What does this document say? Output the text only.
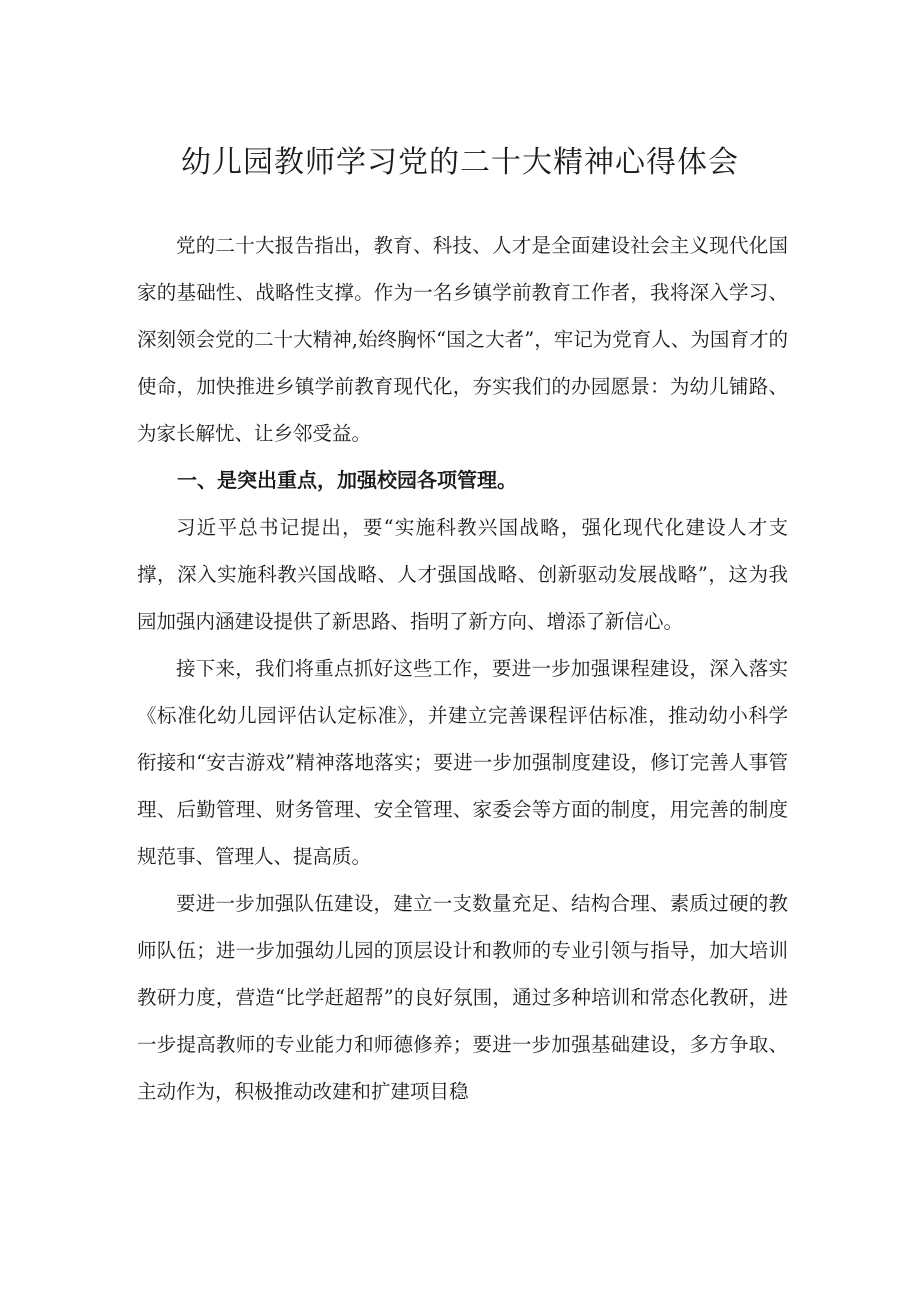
幼儿园教师学习党的二十大精神心得体会

党的二十大报告指出，教育、科技、人才是全面建设社会主义现代化国家的基础性、战略性支撑。作为一名乡镇学前教育工作者，我将深入学习、深刻领会党的二十大精神,始终胸怀“国之大者”，牢记为党育人、为国育才的使命，加快推进乡镇学前教育现代化，夯实我们的办园愿景：为幼儿铺路、为家长解忧、让乡邻受益。

一、是突出重点，加强校园各项管理。

习近平总书记提出，要“实施科教兴国战略，强化现代化建设人才支撑，深入实施科教兴国战略、人才强国战略、创新驱动发展战略”，这为我园加强内涵建设提供了新思路、指明了新方向、增添了新信心。

接下来，我们将重点抓好这些工作，要进一步加强课程建设，深入落实《标准化幼儿园评估认定标准》，并建立完善课程评估标准，推动幼小科学衔接和“安吉游戏”精神落地落实；要进一步加强制度建设，修订完善人事管理、后勤管理、财务管理、安全管理、家委会等方面的制度，用完善的制度规范事、管理人、提高质。

要进一步加强队伍建设，建立一支数量充足、结构合理、素质过硬的教师队伍；进一步加强幼儿园的顶层设计和教师的专业引领与指导，加大培训教研力度，营造“比学赶超帮”的良好氛围，通过多种培训和常态化教研，进一步提高教师的专业能力和师德修养；要进一步加强基础建设，多方争取、主动作为，积极推动改建和扩建项目稳
